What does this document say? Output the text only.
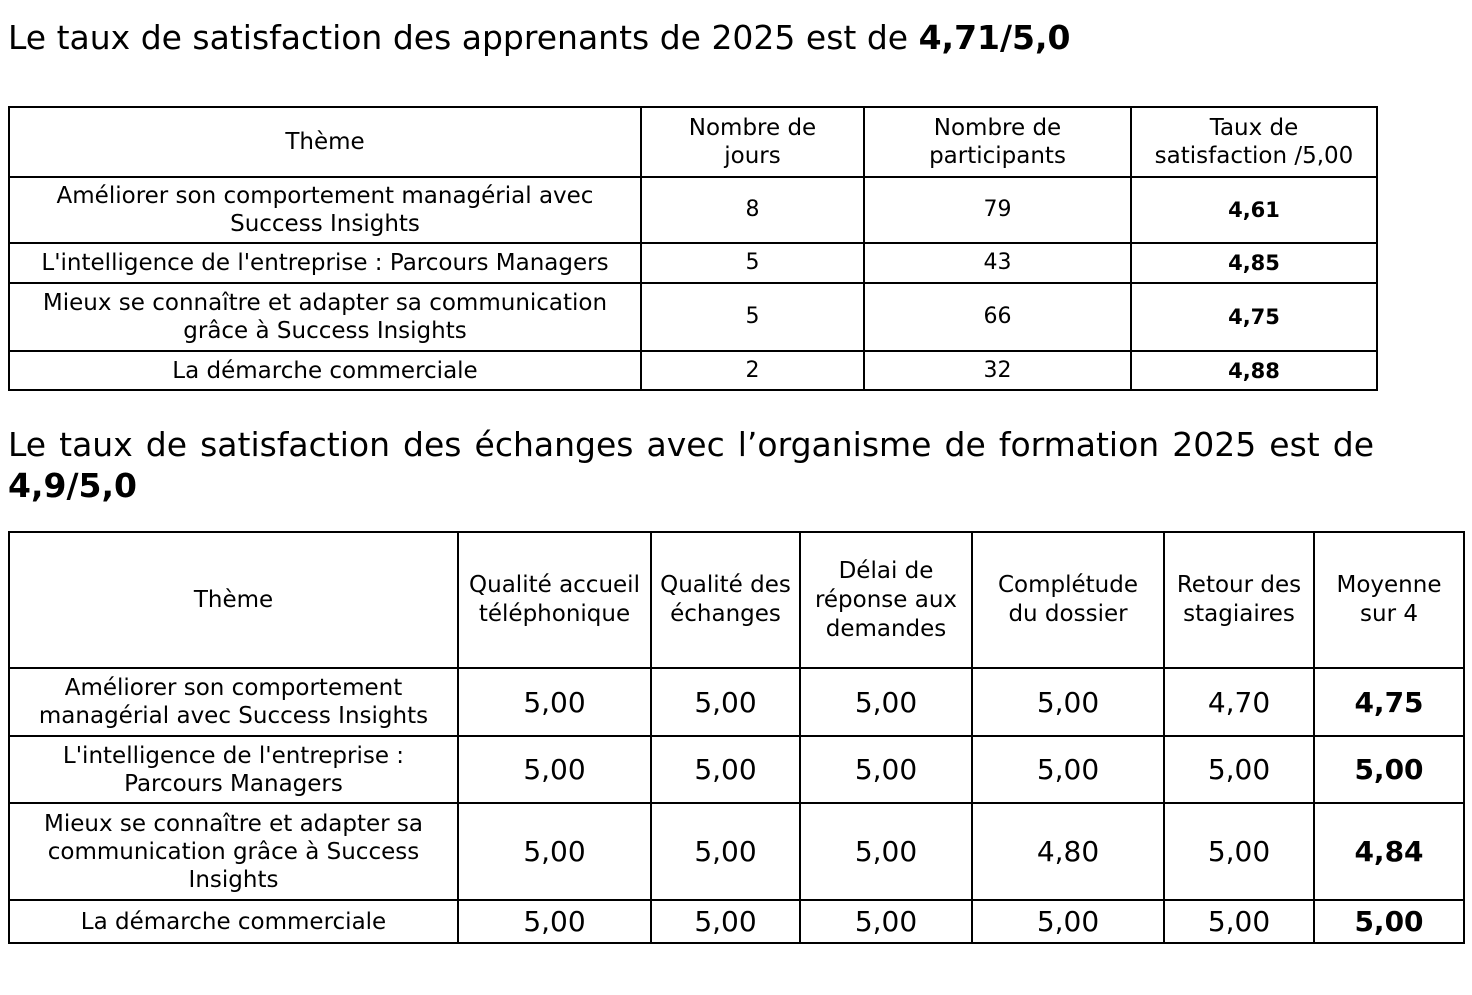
Le taux de satisfaction des apprenants de 2025 est de 4,71/5,0
Thème	Nombre de jours	Nombre de participants	Taux de satisfaction /5,00
Améliorer son comportement managérial avec Success Insights	8	79	4,61
L'intelligence de l'entreprise : Parcours Managers	5	43	4,85
Mieux se connaître et adapter sa communication grâce à Success Insights	5	66	4,75
La démarche commerciale	2	32	4,88
Le taux de satisfaction des échanges avec l’organisme de formation 2025 est de 4,9/5,0
Thème	Qualité accueil téléphonique	Qualité des échanges	Délai de réponse aux demandes	Complétude du dossier	Retour des stagiaires	Moyenne sur 4
Améliorer son comportement managérial avec Success Insights	5,00	5,00	5,00	5,00	4,70	4,75
L'intelligence de l'entreprise : Parcours Managers	5,00	5,00	5,00	5,00	5,00	5,00
Mieux se connaître et adapter sa communication grâce à Success Insights	5,00	5,00	5,00	4,80	5,00	4,84
La démarche commerciale	5,00	5,00	5,00	5,00	5,00	5,00
